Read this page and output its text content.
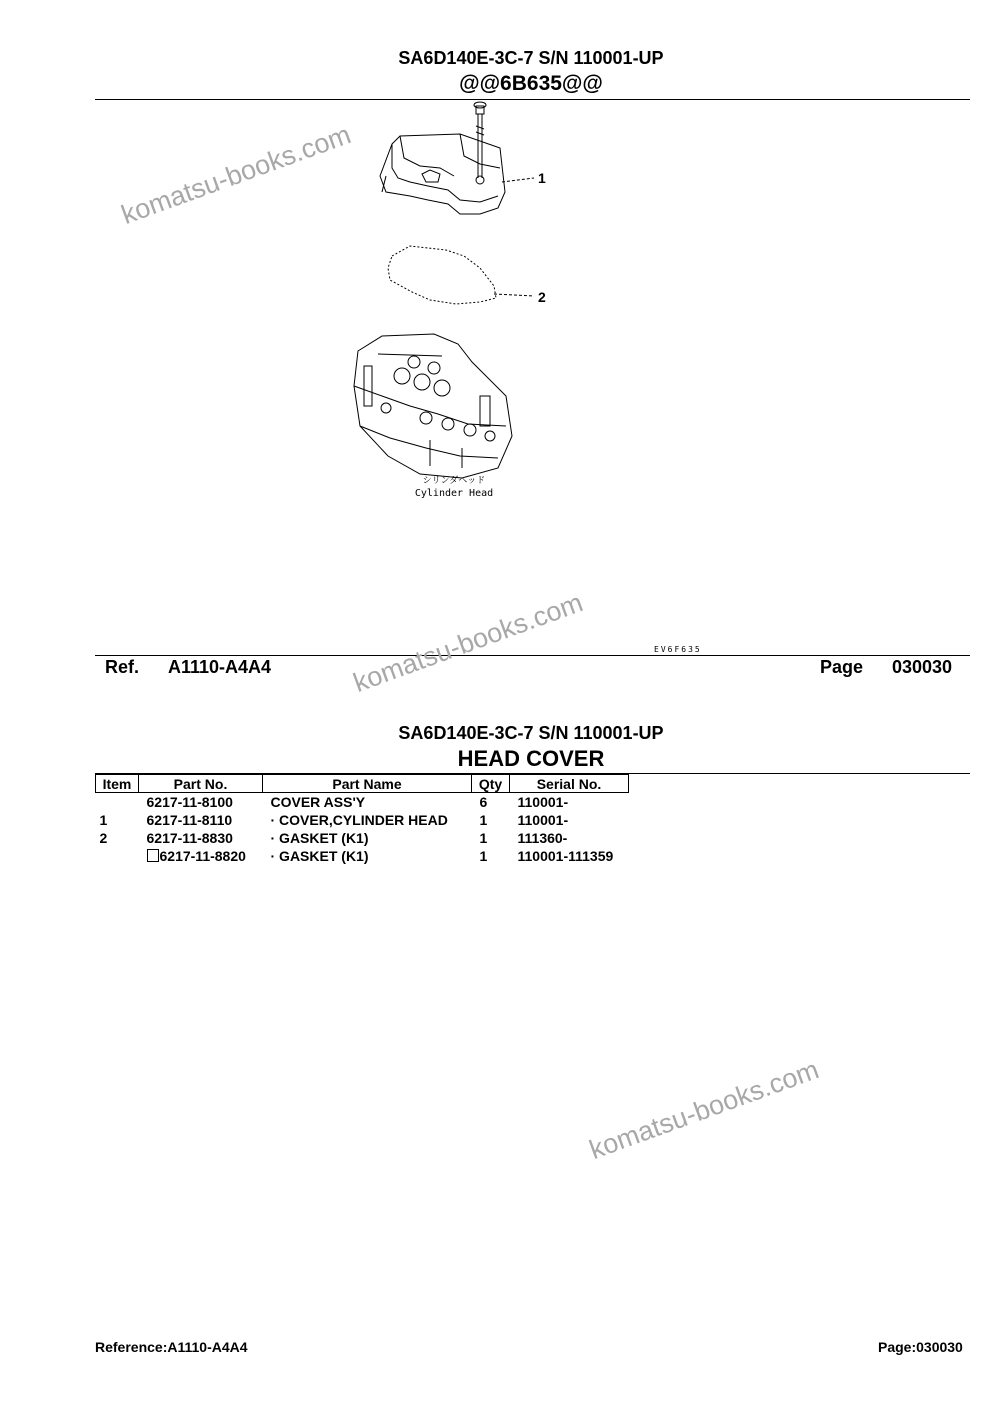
SA6D140E-3C-7 S/N 110001-UP
@@6B635@@
1
2
シリンダヘッド
Cylinder Head
EV6F635
Ref. A1110-A4A4	Page 030030
SA6D140E-3C-7 S/N 110001-UP
HEAD COVER
Item	Part No.	Part Name	Qty	Serial No.
	6217-11-8100	COVER ASS'Y	6	110001-
1	6217-11-8110	· COVER,CYLINDER HEAD	1	110001-
2	6217-11-8830	· GASKET (K1)	1	111360-
	6217-11-8820	· GASKET (K1)	1	110001-111359
komatsu-books.com
komatsu-books.com
komatsu-books.com
Reference:A1110-A4A4	Page:030030
